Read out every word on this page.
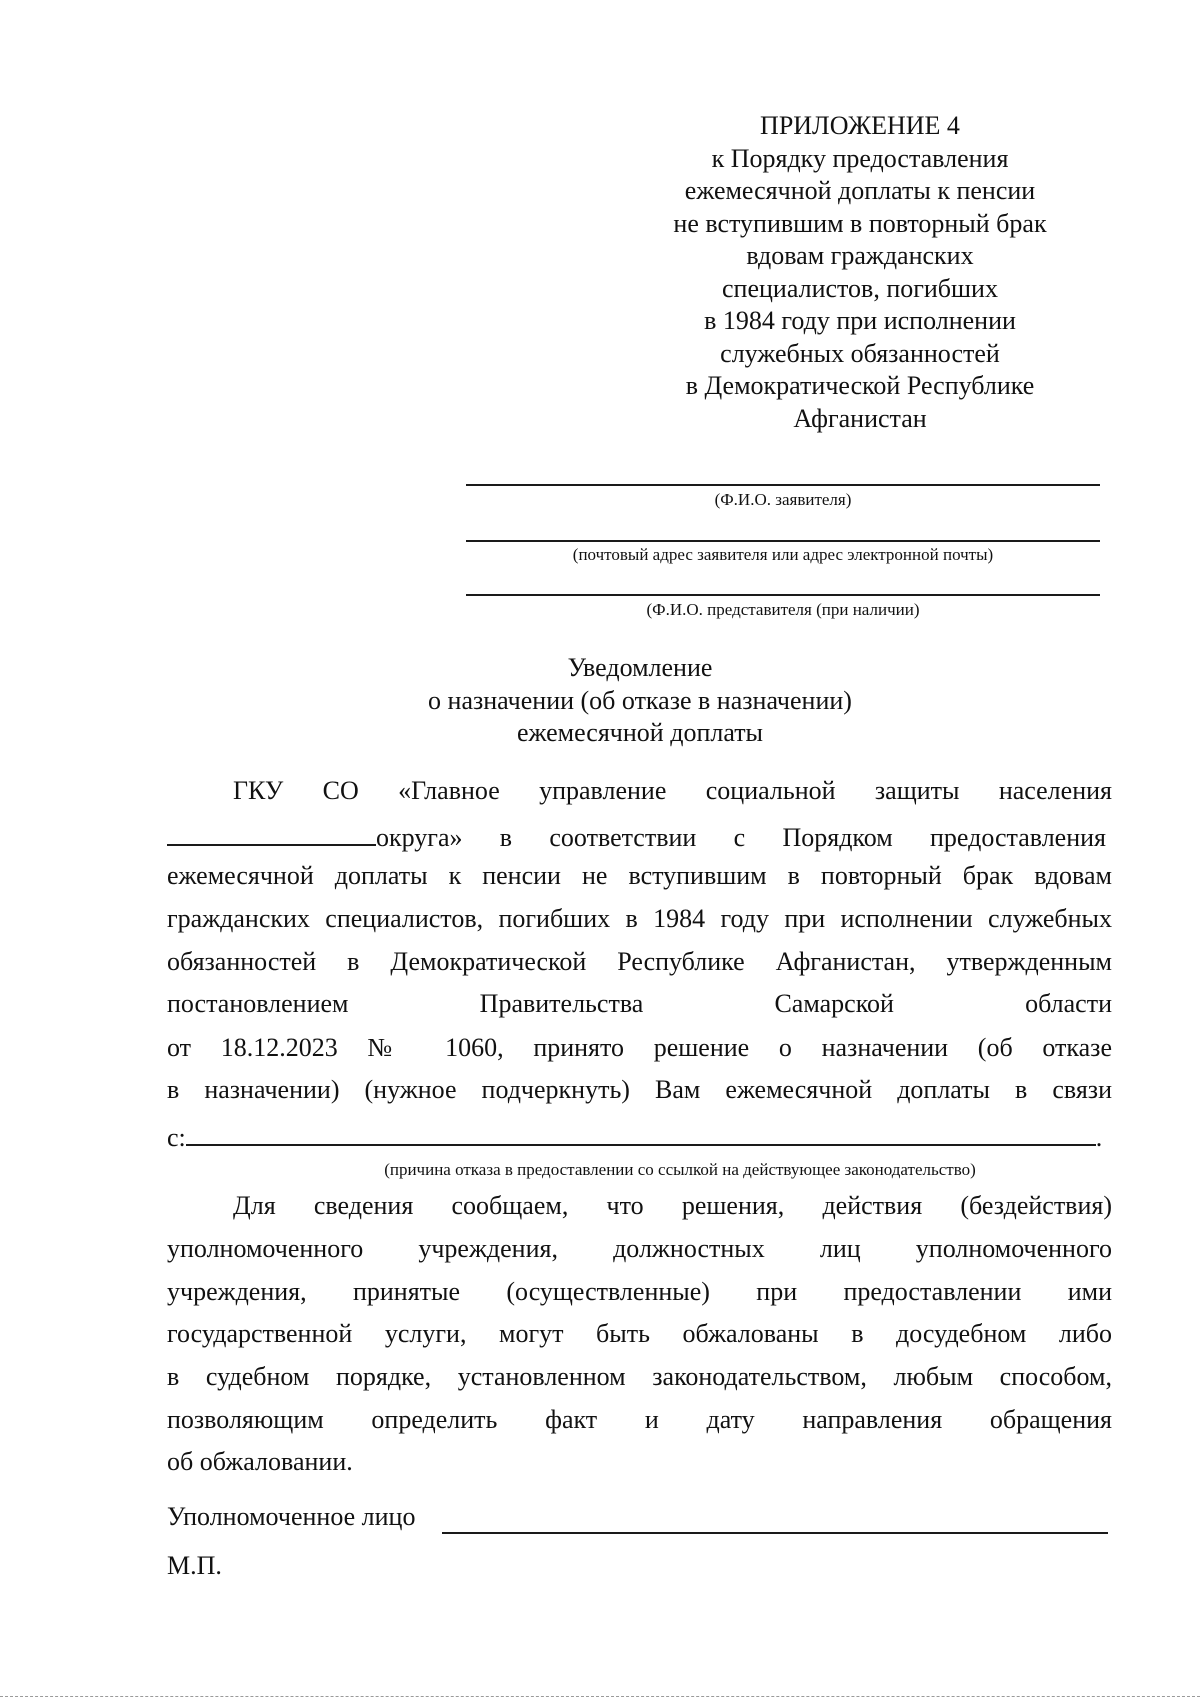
ПРИЛОЖЕНИЕ 4
к Порядку предоставления
ежемесячной доплаты к пенсии
не вступившим в повторный брак
вдовам гражданских
специалистов, погибших
в 1984 году при исполнении
служебных обязанностей
в Демократической Республике
Афганистан
(Ф.И.О. заявителя)
(почтовый адрес заявителя или адрес электронной почты)
(Ф.И.О. представителя (при наличии)
Уведомление
о назначении (об отказе в назначении)
ежемесячной доплаты
ГКУ СО «Главное управление социальной защиты населения
округа» в соответствии с Порядком предоставления
ежемесячной доплаты к пенсии не вступившим в повторный брак вдовам
гражданских специалистов, погибших в 1984 году при исполнении служебных
обязанностей в Демократической Республике Афганистан, утвержденным
постановлением Правительства Самарской области
от 18.12.2023 № 1060, принято решение о назначении (об отказе
в назначении) (нужное подчеркнуть) Вам ежемесячной доплаты в связи
с:	.
(причина отказа в предоставлении со ссылкой на действующее законодательство)
Для сведения сообщаем, что решения, действия (бездействия)
уполномоченного учреждения, должностных лиц уполномоченного
учреждения, принятые (осуществленные) при предоставлении ими
государственной услуги, могут быть обжалованы в досудебном либо
в судебном порядке, установленном законодательством, любым способом,
позволяющим определить факт и дату направления обращения
об обжаловании.
Уполномоченное лицо
М.П.
